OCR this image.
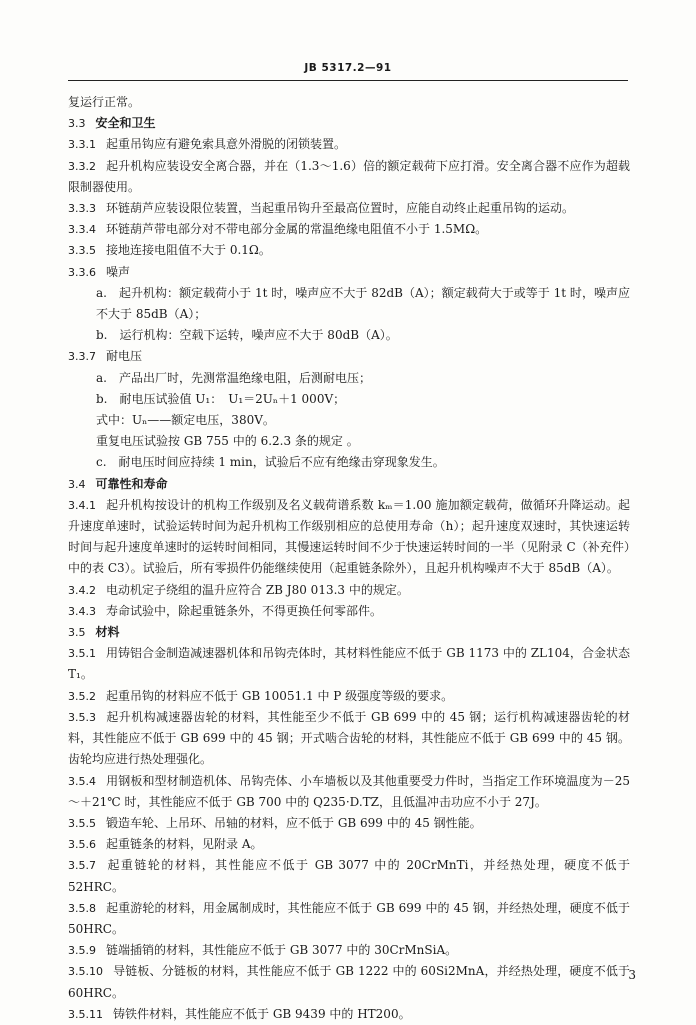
JB 5317.2—91

复运行正常。

3.3 安全和卫生

3.3.1 起重吊钩应有避免索具意外滑脱的闭锁装置。

3.3.2 起升机构应装设安全离合器，并在（1.3～1.6）倍的额定载荷下应打滑。安全离合器不应作为超载限制器使用。

3.3.3 环链葫芦应装设限位装置，当起重吊钩升至最高位置时，应能自动终止起重吊钩的运动。

3.3.4 环链葫芦带电部分对不带电部分金属的常温绝缘电阻值不小于 1.5MΩ。

3.3.5 接地连接电阻值不大于 0.1Ω。

3.3.6 噪声

a.　起升机构：额定载荷小于 1t 时，噪声应不大于 82dB（A）；额定载荷大于或等于 1t 时，噪声应不大于 85dB（A）；

b.　运行机构：空载下运转，噪声应不大于 80dB（A）。

3.3.7 耐电压

a.　产品出厂时，先测常温绝缘电阻，后测耐电压；

b.　耐电压试验值 U₁：　U₁＝2Uₙ＋1 000V；

式中：Uₙ——额定电压，380V。

重复电压试验按 GB 755 中的 6.2.3 条的规定 。

c.　耐电压时间应持续 1 min，试验后不应有绝缘击穿现象发生。

3.4 可靠性和寿命

3.4.1 起升机构按设计的机构工作级别及名义载荷谱系数 kₘ＝1.00 施加额定载荷，做循环升降运动。起升速度单速时，试验运转时间为起升机构工作级别相应的总使用寿命（h）；起升速度双速时，其快速运转时间与起升速度单速时的运转时间相同，其慢速运转时间不少于快速运转时间的一半（见附录 C（补充件）中的表 C3）。试验后，所有零损件仍能继续使用（起重链条除外），且起升机构噪声不大于 85dB（A）。

3.4.2 电动机定子绕组的温升应符合 ZB J80 013.3 中的规定。

3.4.3 寿命试验中，除起重链条外，不得更换任何零部件。

3.5 材料

3.5.1 用铸铝合金制造减速器机体和吊钩壳体时，其材料性能应不低于 GB 1173 中的 ZL104，合金状态 T₁。

3.5.2 起重吊钩的材料应不低于 GB 10051.1 中 P 级强度等级的要求。

3.5.3 起升机构减速器齿轮的材料，其性能至少不低于 GB 699 中的 45 钢；运行机构减速器齿轮的材料，其性能应不低于 GB 699 中的 45 钢；开式啮合齿轮的材料，其性能应不低于 GB 699 中的 45 钢。齿轮均应进行热处理强化。

3.5.4 用钢板和型材制造机体、吊钩壳体、小车墙板以及其他重要受力件时，当指定工作环境温度为－25～＋21℃ 时，其性能应不低于 GB 700 中的 Q235·D.TZ，且低温冲击功应不小于 27J。

3.5.5 锻造车轮、上吊环、吊轴的材料，应不低于 GB 699 中的 45 钢性能。

3.5.6 起重链条的材料，见附录 A。

3.5.7 起重链轮的材料，其性能应不低于 GB 3077 中的 20CrMnTi，并经热处理，硬度不低于 52HRC。

3.5.8 起重游轮的材料，用金属制成时，其性能应不低于 GB 699 中的 45 钢，并经热处理，硬度不低于 50HRC。

3.5.9 链端插销的材料，其性能应不低于 GB 3077 中的 30CrMnSiA。

3.5.10 导链板、分链板的材料，其性能应不低于 GB 1222 中的 60Si2MnA，并经热处理，硬度不低于 60HRC。

3.5.11 铸铁件材料，其性能应不低于 GB 9439 中的 HT200。

3
